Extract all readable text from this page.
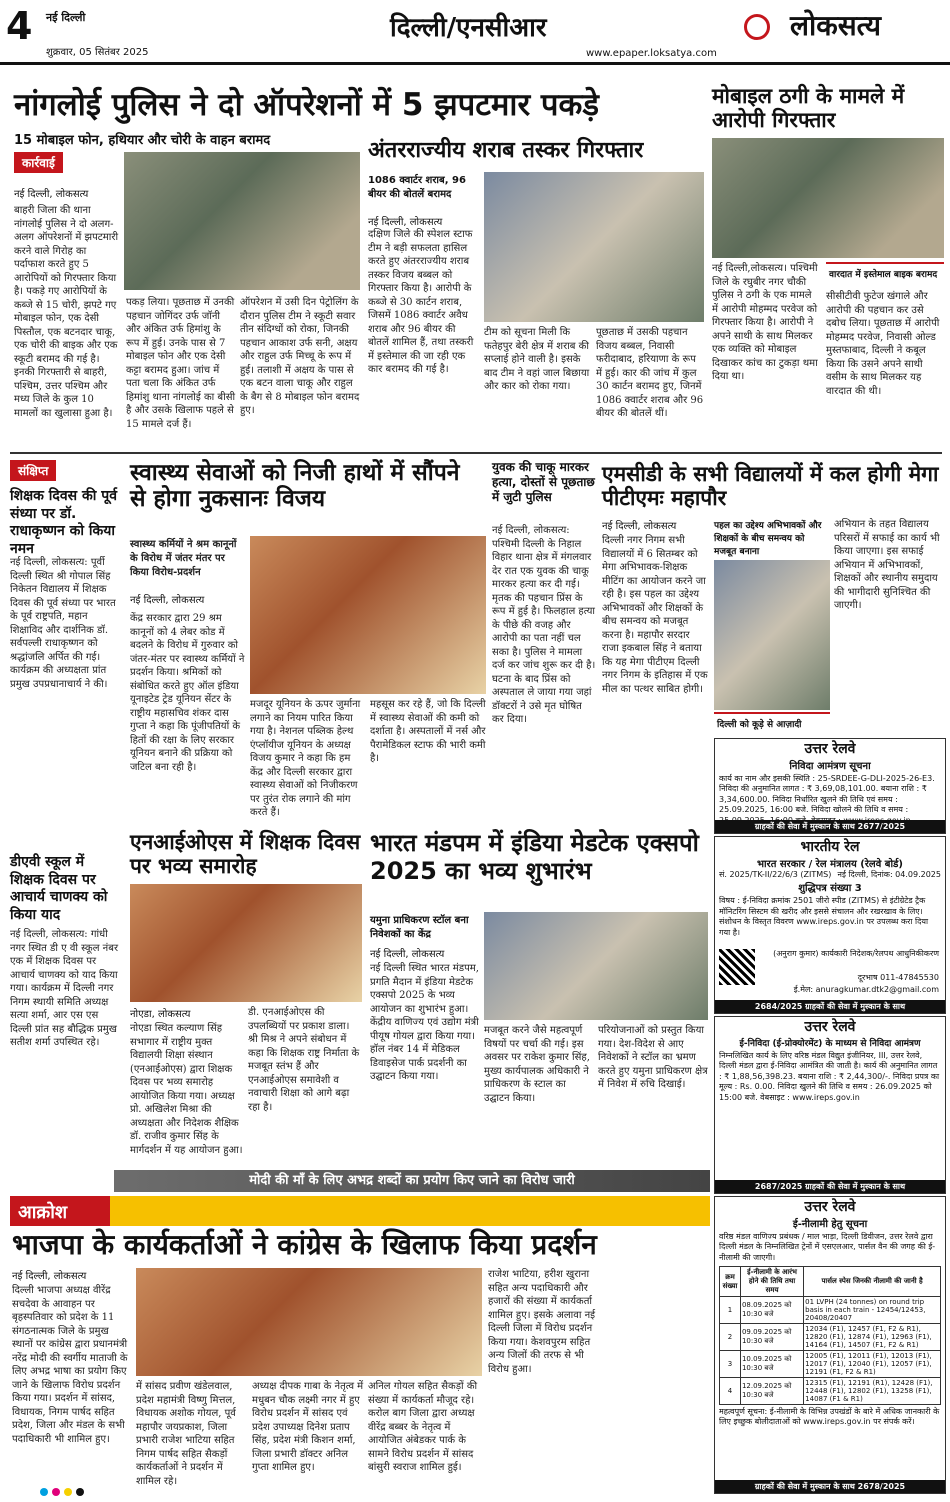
4 नई दिल्ली
शुक्रवार, 05 सितंबर 2025
दिल्ली/एनसीआर
www.epaper.loksatya.com
लोकसत्य
नांगलोई पुलिस ने दो ऑपरेशनों में 5 झपटमार पकड़े
15 मोबाइल फोन, हथियार और चोरी के वाहन बरामद
कार्रवाई
नई दिल्ली, लोकसत्य
बाहरी जिला की थाना नांगलोई पुलिस ने दो अलग-अलग ऑपरेशनों में झपटमारी करने वाले गिरोह का पर्दाफाश करते हुए 5 आरोपियों को गिरफ्तार किया है। पकड़े गए आरोपियों के कब्जे से 15 चोरी, झपटे गए मोबाइल फोन, एक देसी पिस्तौल, एक बटनदार चाकू, एक चोरी की बाइक और एक स्कूटी बरामद की गई है। इनकी गिरफ्तारी से बाहरी, पश्चिम, उत्तर पश्चिम और मध्य जिले के कुल 10 मामलों का खुलासा हुआ है।
पकड़ लिया। पूछताछ में उनकी पहचान जोगिंदर उर्फ जॉनी और अंकित उर्फ हिमांशु के रूप में हुई। उनके पास से 7 मोबाइल फोन और एक देसी कट्टा बरामद हुआ। जांच में पता चला कि अंकित उर्फ हिमांशु थाना नांगलोई का बीसी है और उसके खिलाफ पहले से 15 मामले दर्ज हैं।
ऑपरेशन में उसी दिन पेट्रोलिंग के दौरान पुलिस टीम ने स्कूटी सवार तीन संदिग्धों को रोका, जिनकी पहचान आकाश उर्फ सनी, अक्षय और राहुल उर्फ मिच्चू के रूप में हुई। तलाशी में अक्षय के पास से एक बटन वाला चाकू और राहुल के बैग से 8 मोबाइल फोन बरामद हुए।
अंतरराज्यीय शराब तस्कर गिरफ्तार
1086 क्वार्टर शराब, 96 बीयर की बोतलें बरामद
नई दिल्ली, लोकसत्य
दक्षिण जिले की स्पेशल स्टाफ टीम ने बड़ी सफलता हासिल करते हुए अंतरराज्यीय शराब तस्कर विजय बब्बल को गिरफ्तार किया है। आरोपी के कब्जे से 30 कार्टन शराब, जिसमें 1086 क्वार्टर अवैध शराब और 96 बीयर की बोतलें शामिल हैं, तथा तस्करी में इस्तेमाल की जा रही एक कार बरामद की गई है।
टीम को सूचना मिली कि फतेहपुर बेरी क्षेत्र में शराब की सप्लाई होने वाली है। इसके बाद टीम ने वहां जाल बिछाया और कार को रोका गया।
पूछताछ में उसकी पहचान विजय बब्बल, निवासी फरीदाबाद, हरियाणा के रूप में हुई। कार की जांच में कुल 30 कार्टन बरामद हुए, जिनमें 1086 क्वार्टर शराब और 96 बीयर की बोतलें थीं।
मोबाइल ठगी के मामले में आरोपी गिरफ्तार
नई दिल्ली,लोकसत्य। पश्चिमी जिले के रघुबीर नगर चौकी पुलिस ने ठगी के एक मामले में आरोपी मोहम्मद परवेज को गिरफ्तार किया है। आरोपी ने अपने साथी के साथ मिलकर एक व्यक्ति को मोबाइल दिखाकर कांच का टुकड़ा थमा दिया था।
वारदात में इस्तेमाल बाइक बरामद
सीसीटीवी फुटेज खंगाले और आरोपी की पहचान कर उसे दबोच लिया। पूछताछ में आरोपी मोहम्मद परवेज, निवासी ओल्ड मुस्तफाबाद, दिल्ली ने कबूल किया कि उसने अपने साथी वसीम के साथ मिलकर यह वारदात की थी।
संक्षिप्त
शिक्षक दिवस की पूर्व संध्या पर डॉ. राधाकृष्णन को किया नमन
नई दिल्ली, लोकसत्य: पूर्वी दिल्ली स्थित श्री गोपाल सिंह निकेतन विद्यालय में शिक्षक दिवस की पूर्व संध्या पर भारत के पूर्व राष्ट्रपति, महान शिक्षाविद और दार्शनिक डॉ. सर्वपल्ली राधाकृष्णन को श्रद्धांजलि अर्पित की गई। कार्यक्रम की अध्यक्षता प्रांत प्रमुख उपप्रधानाचार्य ने की।
डीएवी स्कूल में शिक्षक दिवस पर आचार्य चाणक्य को किया याद
नई दिल्ली, लोकसत्य: गांधी नगर स्थित डी ए वी स्कूल नंबर एक में शिक्षक दिवस पर आचार्य चाणक्य को याद किया गया। कार्यक्रम में दिल्ली नगर निगम स्थायी समिति अध्यक्ष सत्या शर्मा, आर एस एस दिल्ली प्रांत सह बौद्धिक प्रमुख सतीश शर्मा उपस्थित रहे।
स्वास्थ्य सेवाओं को निजी हाथों में सौंपने से होगा नुकसानः विजय
स्वास्थ्य कर्मियों ने श्रम कानूनों के विरोध में जंतर मंतर पर किया विरोध-प्रदर्शन
नई दिल्ली, लोकसत्य
केंद्र सरकार द्वारा 29 श्रम कानूनों को 4 लेबर कोड में बदलने के विरोध में गुरुवार को जंतर-मंतर पर स्वास्थ्य कर्मियों ने प्रदर्शन किया। श्रमिकों को संबोधित करते हुए ऑल इंडिया यूनाइटेड ट्रेड यूनियन सेंटर के राष्ट्रीय महासचिव शंकर दास गुप्ता ने कहा कि पूंजीपतियों के हितों की रक्षा के लिए सरकार यूनियन बनाने की प्रक्रिया को जटिल बना रही है।
मजदूर यूनियन के ऊपर जुर्माना लगाने का नियम पारित किया गया है। नेशनल पब्लिक हेल्थ एंप्लॉयीज यूनियन के अध्यक्ष विजय कुमार ने कहा कि हम केंद्र और दिल्ली सरकार द्वारा स्वास्थ्य सेवाओं को निजीकरण पर तुरंत रोक लगाने की मांग करते हैं।
महसूस कर रहे हैं, जो कि दिल्ली में स्वास्थ्य सेवाओं की कमी को दर्शाता है। अस्पतालों में नर्स और पैरामेडिकल स्टाफ की भारी कमी है।
युवक की चाकू मारकर हत्या, दोस्तों से पूछताछ में जुटी पुलिस
नई दिल्ली, लोकसत्य: पश्चिमी दिल्ली के निहाल विहार थाना क्षेत्र में मंगलवार देर रात एक युवक की चाकू मारकर हत्या कर दी गई। मृतक की पहचान प्रिंस के रूप में हुई है। फिलहाल हत्या के पीछे की वजह और आरोपी का पता नहीं चल सका है। पुलिस ने मामला दर्ज कर जांच शुरू कर दी है। घटना के बाद प्रिंस को अस्पताल ले जाया गया जहां डॉक्टरों ने उसे मृत घोषित कर दिया।
एमसीडी के सभी विद्यालयों में कल होगी मेगा पीटीएमः महापौर
नई दिल्ली, लोकसत्य
दिल्ली नगर निगम सभी विद्यालयों में 6 सितम्बर को मेगा अभिभावक-शिक्षक मीटिंग का आयोजन करने जा रही है। इस पहल का उद्देश्य अभिभावकों और शिक्षकों के बीच समन्वय को मजबूत करना है। महापौर सरदार राजा इकबाल सिंह ने बताया कि यह मेगा पीटीएम दिल्ली नगर निगम के इतिहास में एक मील का पत्थर साबित होगी।
पहल का उद्देश्य अभिभावकों और शिक्षकों के बीच समन्वय को मजबूत बनाना
दिल्ली को कूड़े से आज़ादी
अभियान के तहत विद्यालय परिसरों में सफाई का कार्य भी किया जाएगा। इस सफाई अभियान में अभिभावकों, शिक्षकों और स्थानीय समुदाय की भागीदारी सुनिश्चित की जाएगी।
उत्तर रेलवे
निविदा आमंत्रण सूचना
कार्य का नाम और इसकी स्थिति : 25-SRDEE-G-DLI-2025-26-E3. निविदा की अनुमानित लागत : ₹ 3,69,08,101.00. बयाना राशि : ₹ 3,34,600.00. निविदा निर्धारित खुलने की तिथि एवं समय : 25.09.2025, 16:00 बजे. निविदा खोलने की तिथि व समय :
ग्राहकों की सेवा में मुस्कान के साथ 2677/2025
भारतीय रेल
भारत सरकार / रेल मंत्रालय (रेलवे बोर्ड)
सं. 2025/TK-II/22/6/3 (ZITMS) नई दिल्ली, दिनांक: 04.09.2025
शुद्धिपत्र संख्या 3
विषय : ई-निविदा क्रमांक 2501 जीरो स्पीड (ZITMS) से इंटीग्रेटेड ट्रैक मॉनिटरिंग सिस्टम की खरीद और इससे संचालन और रखरखाव के लिए। संशोधन के विस्तृत विवरण www.ireps.gov.in पर उपलब्ध करा दिया गया है।
(अनुराग कुमार) कार्यकारी निदेशक/रेलपथ आधुनिकीकरण
दूरभाष 011-47845530
ई.मेल: anuragkumar.dtk2@gmail.com
2684/2025 ग्राहकों की सेवा में मुस्कान के साथ
भारत मंडपम में इंडिया मेडटेक एक्सपो 2025 का भव्य शुभारंभ
यमुना प्राधिकरण स्टॉल बना निवेशकों का केंद्र
नई दिल्ली, लोकसत्य
नई दिल्ली स्थित भारत मंडपम, प्रगति मैदान में इंडिया मेडटेक एक्सपो 2025 के भव्य आयोजन का शुभारंभ हुआ। केंद्रीय वाणिज्य एवं उद्योग मंत्री पीयूष गोयल द्वारा किया गया। हॉल नंबर 14 में मेडिकल डिवाइसेज पार्क प्रदर्शनी का उद्घाटन किया गया।
मजबूत करने जैसे महत्वपूर्ण विषयों पर चर्चा की गई। इस अवसर पर राकेश कुमार सिंह, मुख्य कार्यपालक अधिकारी ने प्राधिकरण के स्टाल का उद्घाटन किया।
परियोजनाओं को प्रस्तुत किया गया। देश-विदेश से आए निवेशकों ने स्टॉल का भ्रमण करते हुए यमुना प्राधिकरण क्षेत्र में निवेश में रुचि दिखाई।
एनआईओएस में शिक्षक दिवस पर भव्य समारोह
नोएडा, लोकसत्य
नोएडा स्थित कल्याण सिंह सभागार में राष्ट्रीय मुक्त विद्यालयी शिक्षा संस्थान (एनआईओएस) द्वारा शिक्षक दिवस पर भव्य समारोह आयोजित किया गया। अध्यक्ष प्रो. अखिलेश मिश्रा की अध्यक्षता और निदेशक शैक्षिक डॉ. राजीव कुमार सिंह के मार्गदर्शन में यह आयोजन हुआ।
डी. एनआईओएस की उपलब्धियों पर प्रकाश डाला। श्री मिश्र ने अपने संबोधन में कहा कि शिक्षक राष्ट्र निर्माता के मजबूत स्तंभ हैं और एनआईओएस समावेशी व नवाचारी शिक्षा को आगे बढ़ा रहा है।
मोदी की माँ के लिए अभद्र शब्दों का प्रयोग किए जाने का विरोध जारी
आक्रोश
भाजपा के कार्यकर्ताओं ने कांग्रेस के खिलाफ किया प्रदर्शन
नई दिल्ली, लोकसत्य
दिल्ली भाजपा अध्यक्ष वीरेंद्र सचदेवा के आवाहन पर बृहस्पतिवार को प्रदेश के 11 संगठनात्मक जिले के प्रमुख स्थानों पर कांग्रेस द्वारा प्रधानमंत्री नरेंद्र मोदी की स्वर्गीय माताजी के लिए अभद्र भाषा का प्रयोग किए जाने के खिलाफ विरोध प्रदर्शन किया गया। प्रदर्शन में सांसद, विधायक, निगम पार्षद सहित प्रदेश, जिला और मंडल के सभी पदाधिकारी भी शामिल हुए।
में सांसद प्रवीण खंडेलवाल, प्रदेश महामंत्री विष्णु मित्तल, विधायक अशोक गोयल, पूर्व महापौर जयप्रकाश, जिला प्रभारी राजेश भाटिया सहित निगम पार्षद सहित सैकड़ों कार्यकर्ताओं ने प्रदर्शन में शामिल रहे।
अध्यक्ष दीपक गाबा के नेतृत्व में मधुबन चौक लक्ष्मी नगर में हुए विरोध प्रदर्शन में सांसद एवं प्रदेश उपाध्यक्ष दिनेश प्रताप सिंह, प्रदेश मंत्री किशन शर्मा, जिला प्रभारी डॉक्टर अनिल गुप्ता शामिल हुए।
अनिल गोयल सहित सैकड़ों की संख्या में कार्यकर्ता मौजूद रहे। करोल बाग जिला द्वारा अध्यक्ष वीरेंद्र बब्बर के नेतृत्व में आयोजित अंबेडकर पार्क के सामने विरोध प्रदर्शन में सांसद बांसुरी स्वराज शामिल हुई।
राजेश भाटिया, हरीश खुराना सहित अन्य पदाधिकारी और हजारों की संख्या में कार्यकर्ता शामिल हुए। इसके अलावा नई दिल्ली जिला में विरोध प्रदर्शन किया गया। केशवपुरम सहित अन्य जिलों की तरफ से भी विरोध हुआ।
उत्तर रेलवे
ई-निविदा (ई-प्रोक्योरमेंट) के माध्यम से निविदा आमंत्रण
निम्नलिखित कार्य के लिए वरिष्ठ मंडल विद्युत इंजीनियर, III, उत्तर रेलवे, दिल्ली मंडल द्वारा ई-निविदा आमंत्रित की जाती है। कार्य की अनुमानित लागत : ₹ 1,88,56,398.23. बयाना राशि : ₹ 2,44,300/-. निविदा प्रपत्र का मूल्य : Rs. 0.00. निविदा खुलने की तिथि व समय : 26.09.2025 को 15:00 बजे. वेबसाइट : www.ireps.gov.in
2687/2025 ग्राहकों की सेवा में मुस्कान के साथ
उत्तर रेलवे
ई-नीलामी हेतु सूचना
वरिष्ठ मंडल वाणिज्य प्रबंधक / माल भाड़ा, दिल्ली डिवीजन, उत्तर रेलवे द्वारा दिल्ली मंडल के निम्नलिखित ट्रेनों में एसएलआर, पार्सल वैन की जगह की ई-नीलामी की जाएगी।
क्रम संख्या	ई-नीलामी के आरंभ होने की तिथि तथा समय	पार्सल स्पेस जिनकी नीलामी की जानी है
1	08.09.2025 को 10:30 बजे	01 LVPH (24 tonnes) on round trip basis in each train - 12454/12453, 20408/20407
2	09.09.2025 को 10:30 बजे	12034 (F1), 12457 (F1, F2 & R1), 12820 (F1), 12874 (F1), 12963 (F1), 14164 (F1), 14507 (F1, F2 & R1)
3	10.09.2025 को 10:30 बजे	12005 (F1), 12011 (F1), 12013 (F1), 12017 (F1), 12040 (F1), 12057 (F1), 12191 (F1, F2 & R1)
4	12.09.2025 को 10:30 बजे	12315 (F1), 12191 (R1), 12428 (F1), 12448 (F1), 12802 (F1), 13258 (F1), 14087 (F1 & R1)
महत्वपूर्ण सूचना: ई-नीलामी के विभिन्न उपखंडों के बारे में अधिक जानकारी के लिए इच्छुक बोलीदाताओं को www.ireps.gov.in पर संपर्क करें।
ग्राहकों की सेवा में मुस्कान के साथ 2678/2025
